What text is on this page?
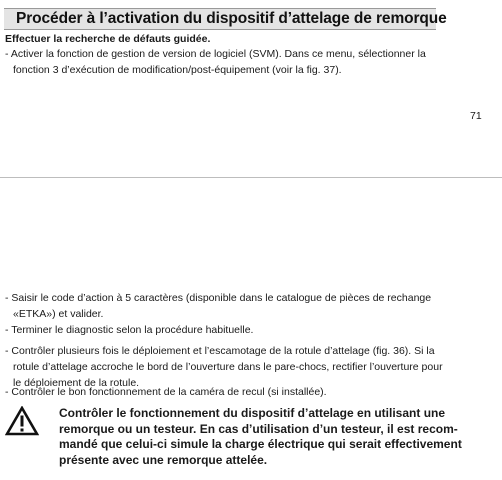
Procéder à l’activation du dispositif d’attelage de remorque
Effectuer la recherche de défauts guidée.
- Activer la fonction de gestion de version de logiciel (SVM). Dans ce menu, sélectionner la
fonction 3 d’exécution de modification/post-équipement (voir la fig. 37).
71
- Saisir le code d’action à 5 caractères (disponible dans le catalogue de pièces de rechange
«ETKA») et valider.
- Terminer le diagnostic selon la procédure habituelle.
- Contrôler plusieurs fois le déploiement et l’escamotage de la rotule d’attelage (fig. 36). Si la
rotule d’attelage accroche le bord de l’ouverture dans le pare-chocs, rectifier l’ouverture pour
le déploiement de la rotule.
- Contrôler le bon fonctionnement de la caméra de recul (si installée).
Contrôler le fonctionnement du dispositif d’attelage en utilisant une
remorque ou un testeur. En cas d’utilisation d’un testeur, il est recom-
mandé que celui-ci simule la charge électrique qui serait effectivement
présente avec une remorque attelée.
